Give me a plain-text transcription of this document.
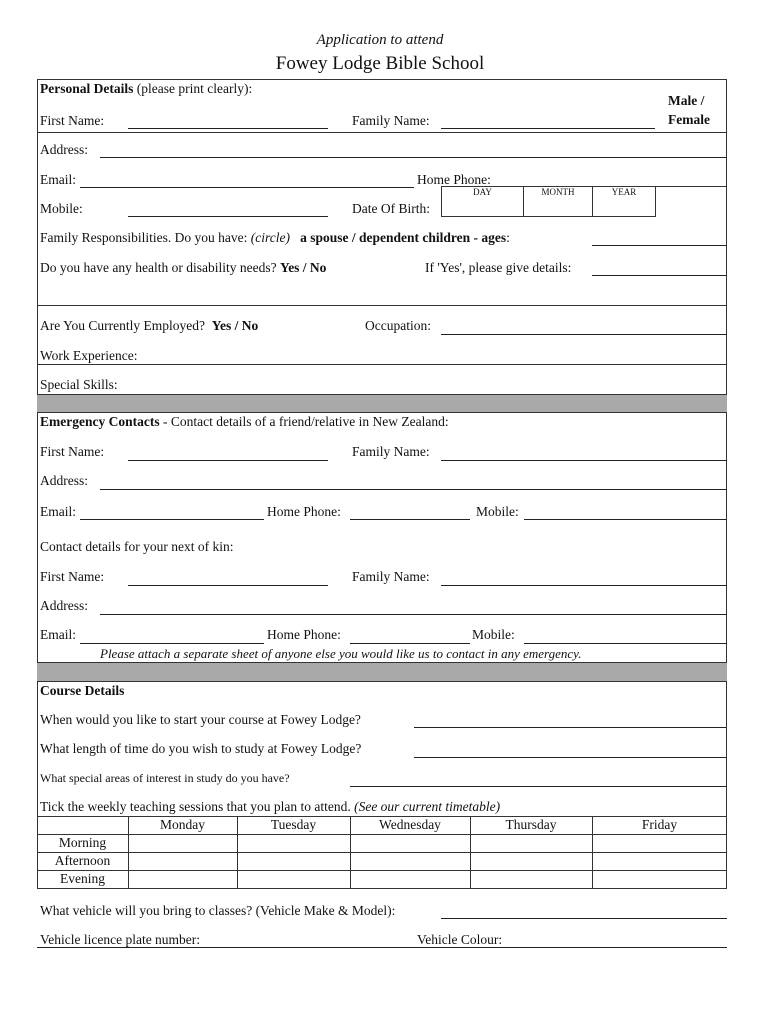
Application to attend
Fowey Lodge Bible School
Personal Details (please print clearly):
Male /
Female
First Name:	Family Name:
Address:
Email:	Home Phone:
Mobile:	Date Of Birth:
DAY	MONTH	YEAR
Family Responsibilities. Do you have: (circle) a spouse / dependent children - ages:
Do you have any health or disability needs? Yes / No	If 'Yes', please give details:
Are You Currently Employed?  Yes / No	Occupation:
Work Experience:
Special Skills:
Emergency Contacts - Contact details of a friend/relative in New Zealand:
First Name:	Family Name:
Address:
Email:	Home Phone:	Mobile:
Contact details for your next of kin:
First Name:	Family Name:
Address:
Email:	Home Phone:	Mobile:
Please attach a separate sheet of anyone else you would like us to contact in any emergency.
Course Details
When would you like to start your course at Fowey Lodge?
What length of time do you wish to study at Fowey Lodge?
What special areas of interest in study do you have?
Tick the weekly teaching sessions that you plan to attend. (See our current timetable)
Monday	Tuesday	Wednesday	Thursday	Friday
Morning
Afternoon
Evening
What vehicle will you bring to classes? (Vehicle Make & Model):
Vehicle licence plate number:	Vehicle Colour:
